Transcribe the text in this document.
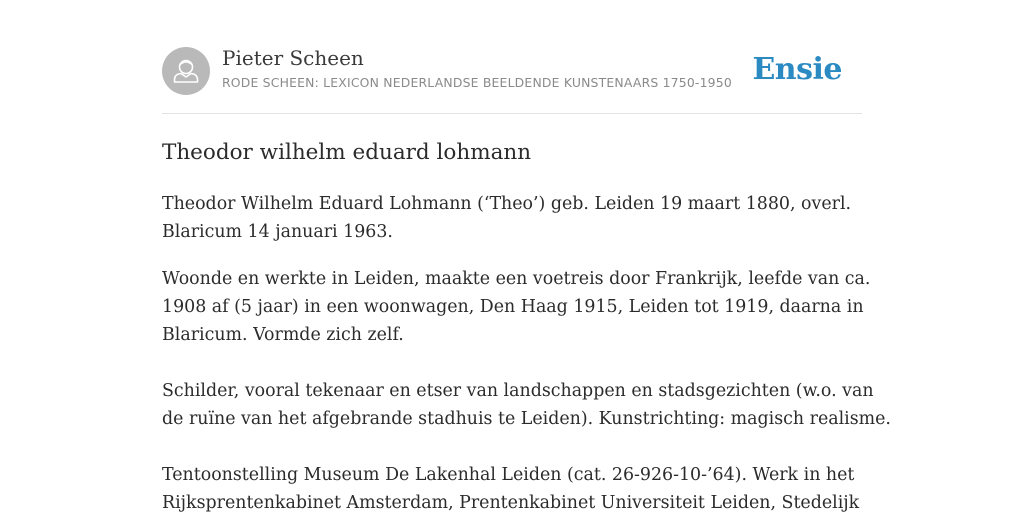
Pieter Scheen
RODE SCHEEN: LEXICON NEDERLANDSE BEELDENDE KUNSTENAARS 1750-1950 Ensie
Theodor wilhelm eduard lohmann

Theodor Wilhelm Eduard Lohmann (‘Theo’) geb. Leiden 19 maart 1880, overl.

Blaricum 14 januari 1963.

Woonde en werkte in Leiden, maakte een voetreis door Frankrijk, leefde van ca.

1908 af (5 jaar) in een woonwagen, Den Haag 1915, Leiden tot 1919, daarna in

Blaricum. Vormde zich zelf.

Schilder, vooral tekenaar en etser van landschappen en stadsgezichten (w.o. van

de ruïne van het afgebrande stadhuis te Leiden). Kunstrichting: magisch realisme.

Tentoonstelling Museum De Lakenhal Leiden (cat. 26-926-10-’64). Werk in het

Rijksprentenkabinet Amsterdam, Prentenkabinet Universiteit Leiden, Stedelijk
